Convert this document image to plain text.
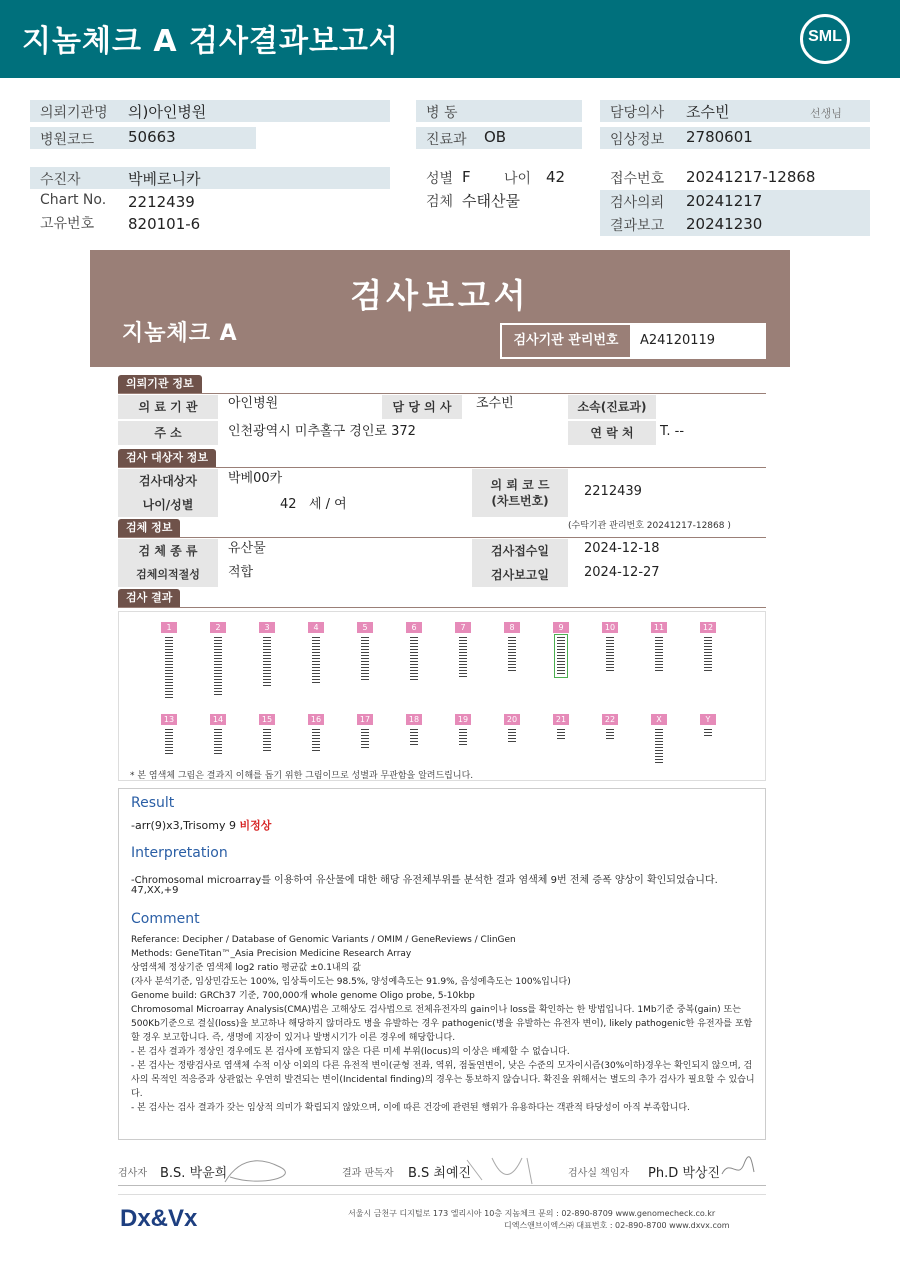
지놈체크 A 검사결과보고서	SML
의뢰기관명 의)아인병원
병원코드 50663
병 동
진료과 OB
담당의사 조수빈	선생님
임상정보 2780601
수진자	박베로니카
Chart No. 2212439
고유번호 820101-6
성별 F 나이 42
검체 수태산물
접수번호 20241217-12868
검사의뢰 20241217
결과보고 20241230
검사보고서
지놈체크 A	검사기관 관리번호	A24120119
의뢰기관 정보
의 료 기 관	아인병원	담 당 의 사	조수빈	소속(진료과)
주 소	인천광역시 미추홀구 경인로 372	연 락 처	T. --
검사 대상자 정보
검사대상자	박베00카
나이/성별	42   세 / 여
의 뢰 코 드
(차트번호)
2212439
검체 정보	(수탁기관 관리번호 20241217-12868 )
검 체 종 류	유산물	검사접수일	2024-12-18
검체의적절성	적합	검사보고일	2024-12-27
검사 결과
1	2	3	4	5	6	7	8	9	10	11	12
13	14	15	16	17	18	19	20	21	22	X	Y
* 본 염색체 그림은 결과지 이해를 돕기 위한 그림이므로 성별과 무관함을 알려드립니다.
Result
-arr(9)x3,Trisomy 9 비정상
Interpretation
-Chromosomal microarray를 이용하여 유산물에 대한 해당 유전체부위를 분석한 결과 염색체 9번 전체 증폭 양상이 확인되었습니다.
47,XX,+9
Comment
Referance: Decipher / Database of Genomic Variants / OMIM / GeneReviews / ClinGen
Methods: GeneTitan™_Asia Precision Medicine Research Array
상염색체 정상기준 염색체 log2 ratio 평균값 ±0.1내의 값
(자사 분석기준, 임상민감도는 100%, 임상특이도는 98.5%, 양성예측도는 91.9%, 음성예측도는 100%입니다)
Genome build: GRCh37 기준, 700,000개 whole genome Oligo probe, 5-10kbp
Chromosomal Microarray Analysis(CMA)법은 고해상도 검사법으로 전체유전자의 gain이나 loss를 확인하는 한 방법입니다. 1Mb기준 중복(gain) 또는 500Kb기준으로 결실(loss)을 보고하나 해당하지 않더라도 병을 유발하는 경우 pathogenic(병을 유발하는 유전자 변이), likely pathogenic한 유전자를 포함할 경우 보고합니다. 즉, 생명에 지장이 있거나 발병시기가 이른 경우에 해당합니다.
- 본 검사 결과가 정상인 경우에도 본 검사에 포함되지 않은 다른 미세 부위(locus)의 이상은 배제할 수 없습니다.
- 본 검사는 정량검사로 염색체 수적 이상 이외의 다른 유전적 변이(균형 전좌, 역위, 점돌연변이, 낮은 수준의 모자이시즘(30%이하)경우는 확인되지 않으며, 검사의 목적인 적응증과 상관없는 우연히 발견되는 변이(Incidental finding)의 경우는 통보하지 않습니다. 확진을 위해서는 별도의 추가 검사가 필요할 수 있습니다.
- 본 검사는 검사 결과가 갖는 임상적 의미가 확립되지 않았으며, 이에 따른 건강에 관련된 행위가 유용하다는 객관적 타당성이 아직 부족합니다.
검사자 B.S. 박윤희	결과 판독자 B.S 최예진	검사실 책임자 Ph.D 박상진
Dx&Vx	서울시 금천구 디지털로 173 엘리시아 10층 지놈체크 문의 : 02-890-8709 www.genomecheck.co.kr
디엑스앤브이엑스㈜ 대표번호 : 02-890-8700 www.dxvx.com
